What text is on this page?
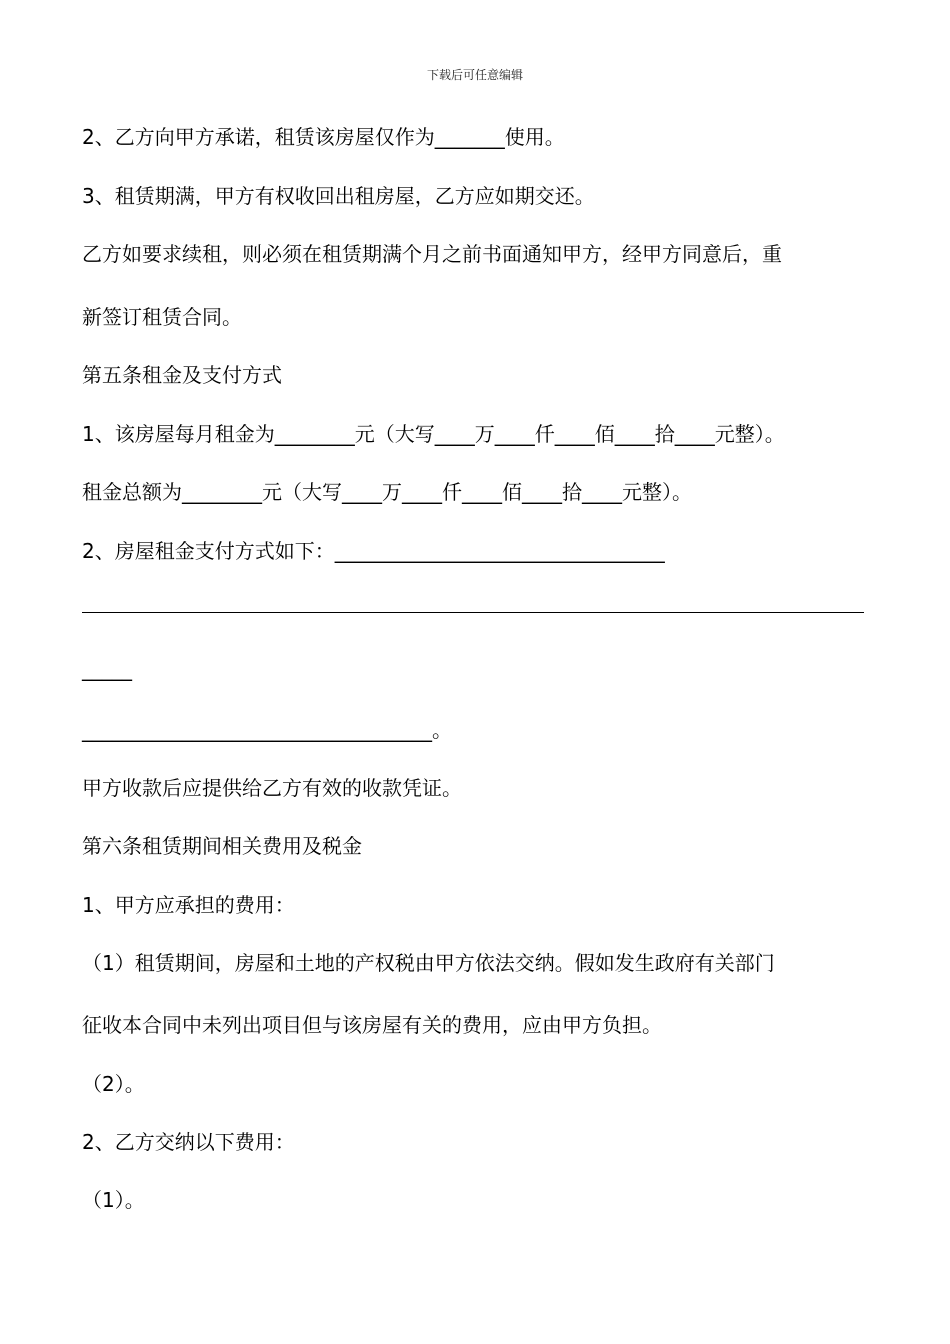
下载后可任意编辑
2、乙方向甲方承诺，租赁该房屋仅作为_______使用。
3、租赁期满，甲方有权收回出租房屋，乙方应如期交还。
乙方如要求续租，则必须在租赁期满个月之前书面通知甲方，经甲方同意后，重
新签订租赁合同。
第五条租金及支付方式
1、该房屋每月租金为________元（大写____万____仟____佰____拾____元整）。
租金总额为________元（大写____万____仟____佰____拾____元整）。
2、房屋租金支付方式如下：_________________________________
_____
___________________________________。
甲方收款后应提供给乙方有效的收款凭证。
第六条租赁期间相关费用及税金
1、甲方应承担的费用：
（1）租赁期间，房屋和土地的产权税由甲方依法交纳。假如发生政府有关部门
征收本合同中未列出项目但与该房屋有关的费用，应由甲方负担。
（2）。
2、乙方交纳以下费用：
（1）。
